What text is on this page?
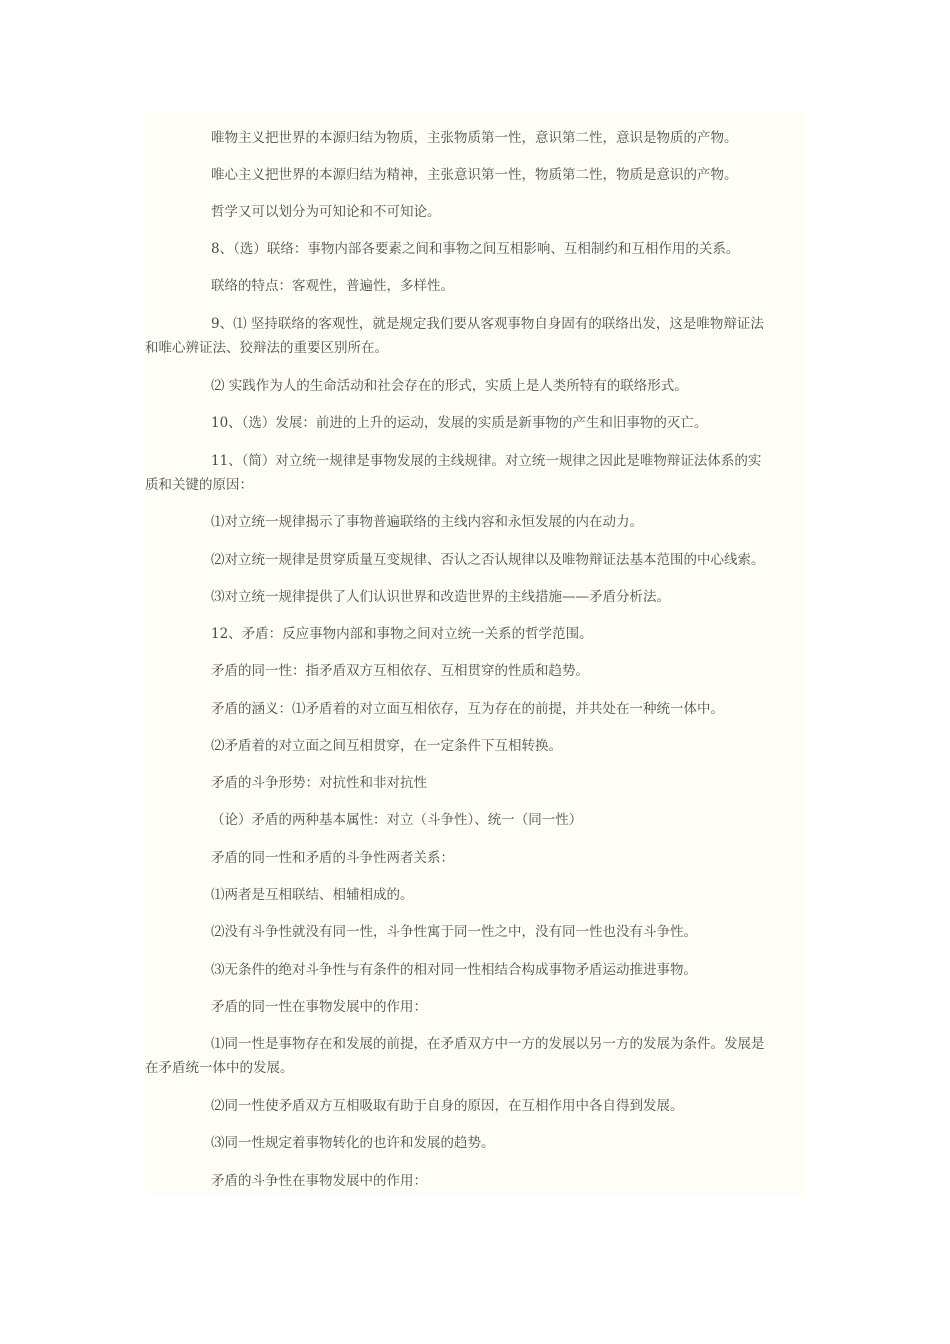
唯物主义把世界的本源归结为物质，主张物质第一性，意识第二性，意识是物质的产物。
唯心主义把世界的本源归结为精神，主张意识第一性，物质第二性，物质是意识的产物。
哲学又可以划分为可知论和不可知论。
8、（选）联络：事物内部各要素之间和事物之间互相影响、互相制约和互相作用的关系。
联络的特点：客观性，普遍性，多样性。
9、⑴ 坚持联络的客观性，就是规定我们要从客观事物自身固有的联络出发，这是唯物辩证法
和唯心辨证法、狡辩法的重要区别所在。
⑵ 实践作为人的生命活动和社会存在的形式，实质上是人类所特有的联络形式。
10、（选）发展：前进的上升的运动，发展的实质是新事物的产生和旧事物的灭亡。
11、（简）对立统一规律是事物发展的主线规律。对立统一规律之因此是唯物辩证法体系的实
质和关键的原因：
⑴对立统一规律揭示了事物普遍联络的主线内容和永恒发展的内在动力。
⑵对立统一规律是贯穿质量互变规律、否认之否认规律以及唯物辩证法基本范围的中心线索。
⑶对立统一规律提供了人们认识世界和改造世界的主线措施——矛盾分析法。
12、矛盾：反应事物内部和事物之间对立统一关系的哲学范围。
矛盾的同一性：指矛盾双方互相依存、互相贯穿的性质和趋势。
矛盾的涵义：⑴矛盾着的对立面互相依存，互为存在的前提，并共处在一种统一体中。
⑵矛盾着的对立面之间互相贯穿，在一定条件下互相转换。
矛盾的斗争形势：对抗性和非对抗性
（论）矛盾的两种基本属性：对立（斗争性）、统一（同一性）
矛盾的同一性和矛盾的斗争性两者关系：
⑴两者是互相联结、相辅相成的。
⑵没有斗争性就没有同一性，斗争性寓于同一性之中，没有同一性也没有斗争性。
⑶无条件的绝对斗争性与有条件的相对同一性相结合构成事物矛盾运动推进事物。
矛盾的同一性在事物发展中的作用：
⑴同一性是事物存在和发展的前提，在矛盾双方中一方的发展以另一方的发展为条件。发展是
在矛盾统一体中的发展。
⑵同一性使矛盾双方互相吸取有助于自身的原因，在互相作用中各自得到发展。
⑶同一性规定着事物转化的也许和发展的趋势。
矛盾的斗争性在事物发展中的作用：
